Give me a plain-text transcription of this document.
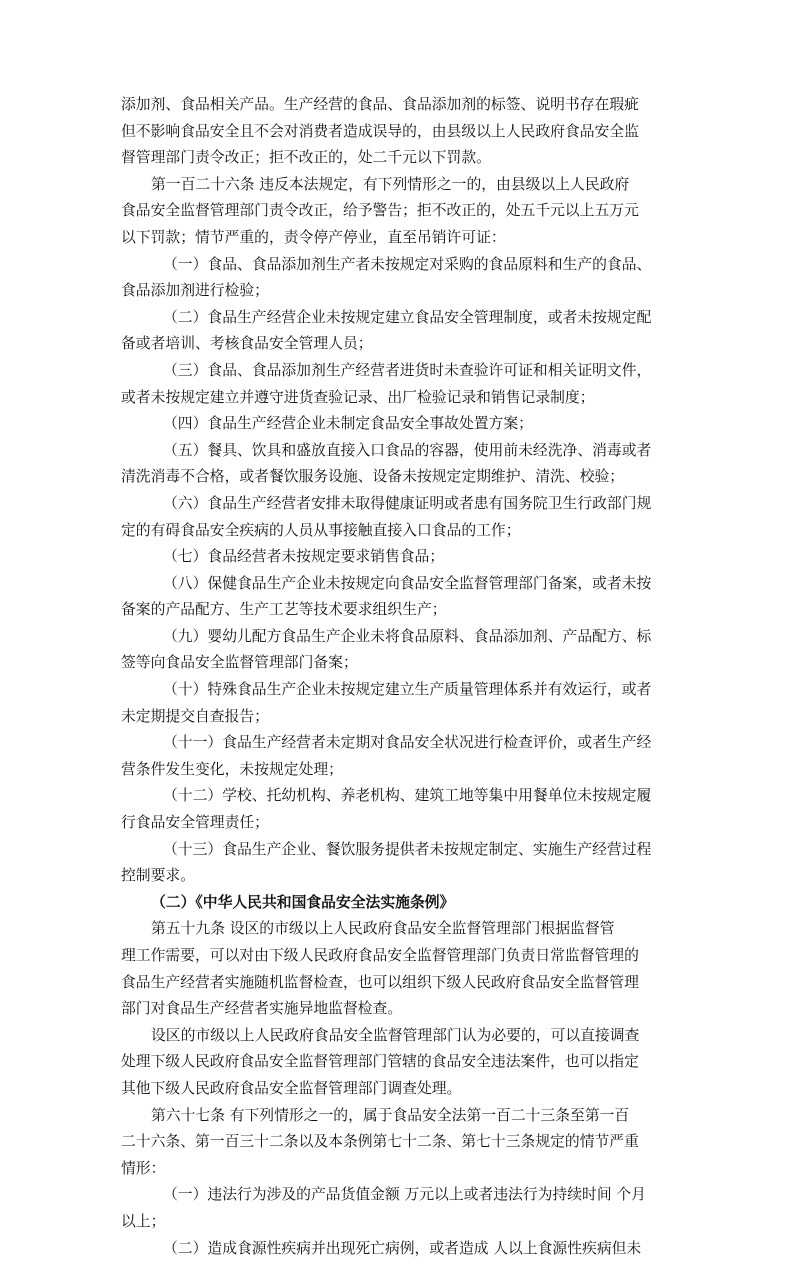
添加剂、食品相关产品。生产经营的食品、食品添加剂的标签、说明书存在瑕疵
但不影响食品安全且不会对消费者造成误导的，由县级以上人民政府食品安全监
督管理部门责令改正；拒不改正的，处二千元以下罚款。
第一百二十六条 违反本法规定，有下列情形之一的，由县级以上人民政府
食品安全监督管理部门责令改正，给予警告；拒不改正的，处五千元以上五万元
以下罚款；情节严重的，责令停产停业，直至吊销许可证：
（一）食品、食品添加剂生产者未按规定对采购的食品原料和生产的食品、
食品添加剂进行检验；
（二）食品生产经营企业未按规定建立食品安全管理制度，或者未按规定配
备或者培训、考核食品安全管理人员；
（三）食品、食品添加剂生产经营者进货时未查验许可证和相关证明文件，
或者未按规定建立并遵守进货查验记录、出厂检验记录和销售记录制度；
（四）食品生产经营企业未制定食品安全事故处置方案；
（五）餐具、饮具和盛放直接入口食品的容器，使用前未经洗净、消毒或者
清洗消毒不合格，或者餐饮服务设施、设备未按规定定期维护、清洗、校验；
（六）食品生产经营者安排未取得健康证明或者患有国务院卫生行政部门规
定的有碍食品安全疾病的人员从事接触直接入口食品的工作；
（七）食品经营者未按规定要求销售食品；
（八）保健食品生产企业未按规定向食品安全监督管理部门备案，或者未按
备案的产品配方、生产工艺等技术要求组织生产；
（九）婴幼儿配方食品生产企业未将食品原料、食品添加剂、产品配方、标
签等向食品安全监督管理部门备案；
（十）特殊食品生产企业未按规定建立生产质量管理体系并有效运行，或者
未定期提交自查报告；
（十一）食品生产经营者未定期对食品安全状况进行检查评价，或者生产经
营条件发生变化，未按规定处理；
（十二）学校、托幼机构、养老机构、建筑工地等集中用餐单位未按规定履
行食品安全管理责任；
（十三）食品生产企业、餐饮服务提供者未按规定制定、实施生产经营过程
控制要求。
（二）《中华人民共和国食品安全法实施条例》
第五十九条 设区的市级以上人民政府食品安全监督管理部门根据监督管
理工作需要，可以对由下级人民政府食品安全监督管理部门负责日常监督管理的
食品生产经营者实施随机监督检查，也可以组织下级人民政府食品安全监督管理
部门对食品生产经营者实施异地监督检查。
设区的市级以上人民政府食品安全监督管理部门认为必要的，可以直接调查
处理下级人民政府食品安全监督管理部门管辖的食品安全违法案件，也可以指定
其他下级人民政府食品安全监督管理部门调查处理。
第六十七条 有下列情形之一的，属于食品安全法第一百二十三条至第一百
二十六条、第一百三十二条以及本条例第七十二条、第七十三条规定的情节严重
情形：
（一）违法行为涉及的产品货值金额 万元以上或者违法行为持续时间 个月
以上；
（二）造成食源性疾病并出现死亡病例，或者造成 人以上食源性疾病但未
